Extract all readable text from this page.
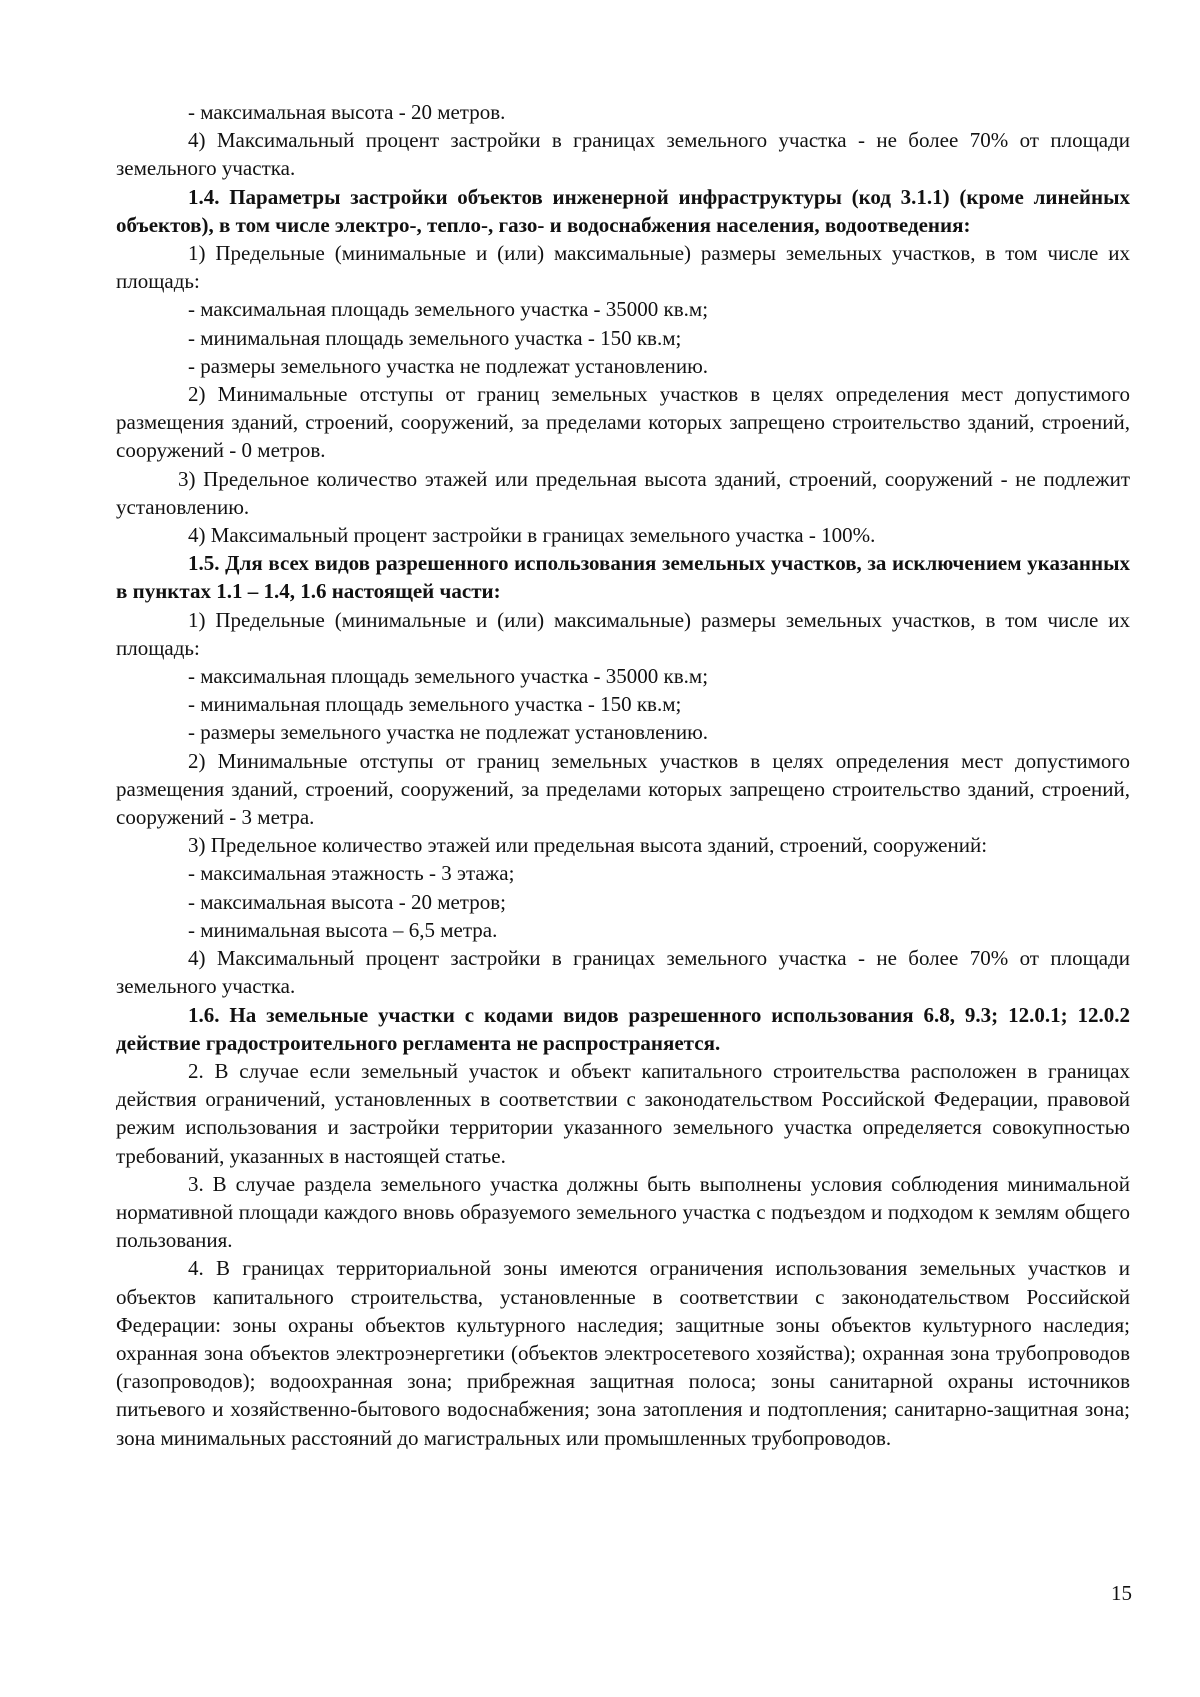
- максимальная высота - 20 метров.

4) Максимальный процент застройки в границах земельного участка - не более 70% от площади земельного участка.

1.4. Параметры застройки объектов инженерной инфраструктуры (код 3.1.1) (кроме линейных объектов), в том числе электро-, тепло-, газо- и водоснабжения населения, водоотведения:

1) Предельные (минимальные и (или) максимальные) размеры земельных участков, в том числе их площадь:

- максимальная площадь земельного участка - 35000 кв.м;

- минимальная площадь земельного участка - 150 кв.м;

- размеры земельного участка не подлежат установлению.

2) Минимальные отступы от границ земельных участков в целях определения мест допустимого размещения зданий, строений, сооружений, за пределами которых запрещено строительство зданий, строений, сооружений - 0 метров.

3) Предельное количество этажей или предельная высота зданий, строений, сооружений - не подлежит установлению.

4) Максимальный процент застройки в границах земельного участка - 100%.

1.5. Для всех видов разрешенного использования земельных участков, за исключением указанных в пунктах 1.1 – 1.4, 1.6 настоящей части:

1) Предельные (минимальные и (или) максимальные) размеры земельных участков, в том числе их площадь:

- максимальная площадь земельного участка - 35000 кв.м;

- минимальная площадь земельного участка - 150 кв.м;

- размеры земельного участка не подлежат установлению.

2) Минимальные отступы от границ земельных участков в целях определения мест допустимого размещения зданий, строений, сооружений, за пределами которых запрещено строительство зданий, строений, сооружений - 3 метра.

3) Предельное количество этажей или предельная высота зданий, строений, сооружений:

- максимальная этажность - 3 этажа;

- максимальная высота - 20 метров;

- минимальная высота – 6,5 метра.

4) Максимальный процент застройки в границах земельного участка - не более 70% от площади земельного участка.

1.6. На земельные участки с кодами видов разрешенного использования 6.8, 9.3; 12.0.1; 12.0.2 действие градостроительного регламента не распространяется.

2. В случае если земельный участок и объект капитального строительства расположен в границах действия ограничений, установленных в соответствии с законодательством Российской Федерации, правовой режим использования и застройки территории указанного земельного участка определяется совокупностью требований, указанных в настоящей статье.

3. В случае раздела земельного участка должны быть выполнены условия соблюдения минимальной нормативной площади каждого вновь образуемого земельного участка с подъездом и подходом к землям общего пользования.

4. В границах территориальной зоны имеются ограничения использования земельных участков и объектов капитального строительства, установленные в соответствии с законодательством Российской Федерации: зоны охраны объектов культурного наследия; защитные зоны объектов культурного наследия; охранная зона объектов электроэнергетики (объектов электросетевого хозяйства); охранная зона трубопроводов (газопроводов); водоохранная зона; прибрежная защитная полоса; зоны санитарной охраны источников питьевого и хозяйственно-бытового водоснабжения; зона затопления и подтопления; санитарно-защитная зона; зона минимальных расстояний до магистральных или промышленных трубопроводов.

15
